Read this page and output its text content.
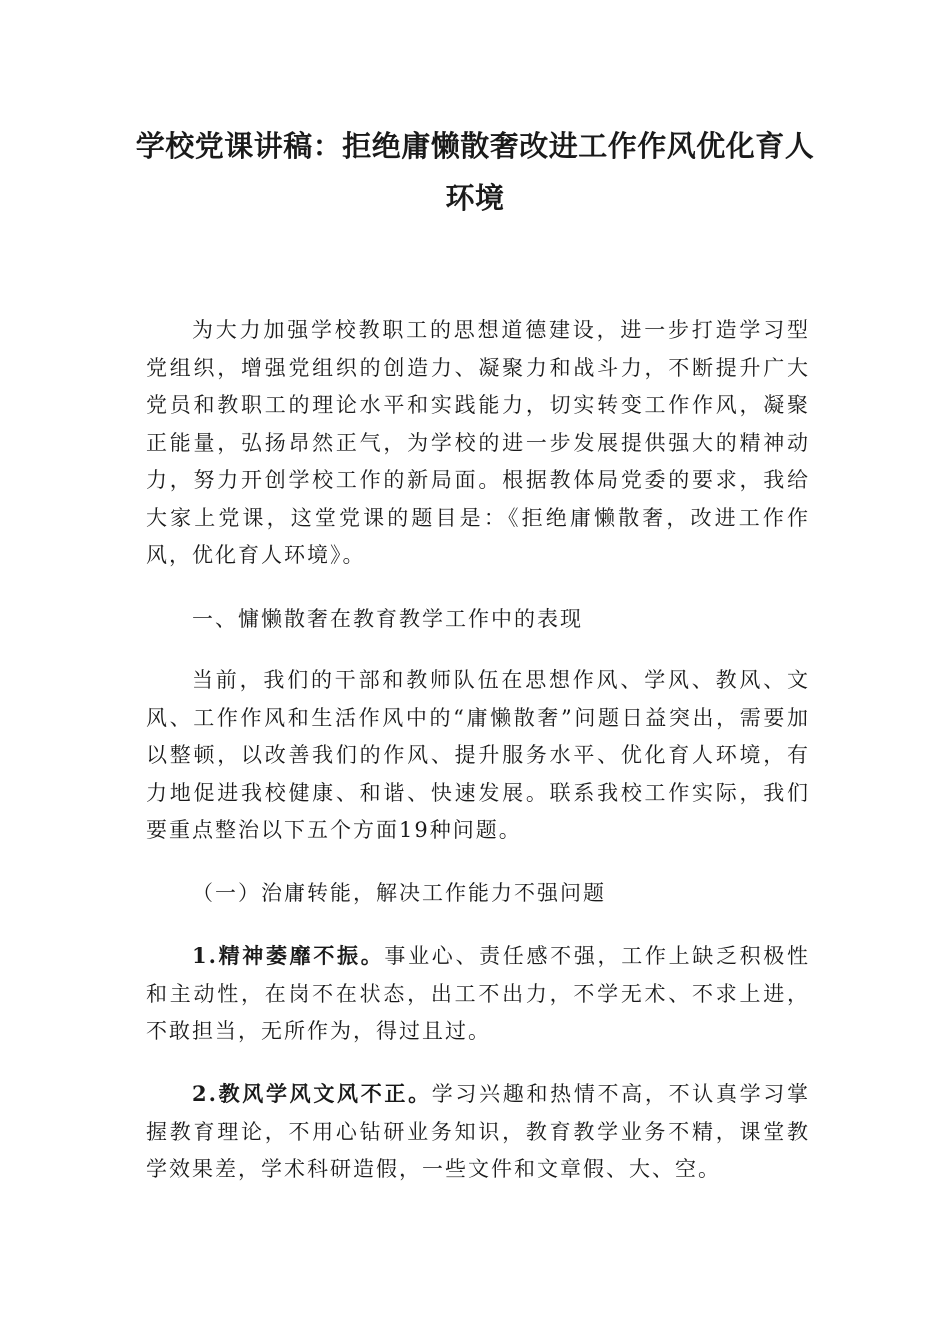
学校党课讲稿：拒绝庸懒散奢改进工作作风优化育人环境

为大力加强学校教职工的思想道德建设，进一步打造学习型党组织，增强党组织的创造力、凝聚力和战斗力，不断提升广大党员和教职工的理论水平和实践能力，切实转变工作作风，凝聚正能量，弘扬昂然正气，为学校的进一步发展提供强大的精神动力，努力开创学校工作的新局面。根据教体局党委的要求，我给大家上党课，这堂党课的题目是：《拒绝庸懒散奢，改进工作作风，优化育人环境》。

一、慵懒散奢在教育教学工作中的表现

当前，我们的干部和教师队伍在思想作风、学风、教风、文风、工作作风和生活作风中的“庸懒散奢”问题日益突出，需要加以整顿，以改善我们的作风、提升服务水平、优化育人环境，有力地促进我校健康、和谐、快速发展。联系我校工作实际，我们要重点整治以下五个方面19种问题。

（一）治庸转能，解决工作能力不强问题

1.精神萎靡不振。事业心、责任感不强，工作上缺乏积极性和主动性，在岗不在状态，出工不出力，不学无术、不求上进，不敢担当，无所作为，得过且过。

2.教风学风文风不正。学习兴趣和热情不高，不认真学习掌握教育理论，不用心钻研业务知识，教育教学业务不精，课堂教学效果差，学术科研造假，一些文件和文章假、大、空。
